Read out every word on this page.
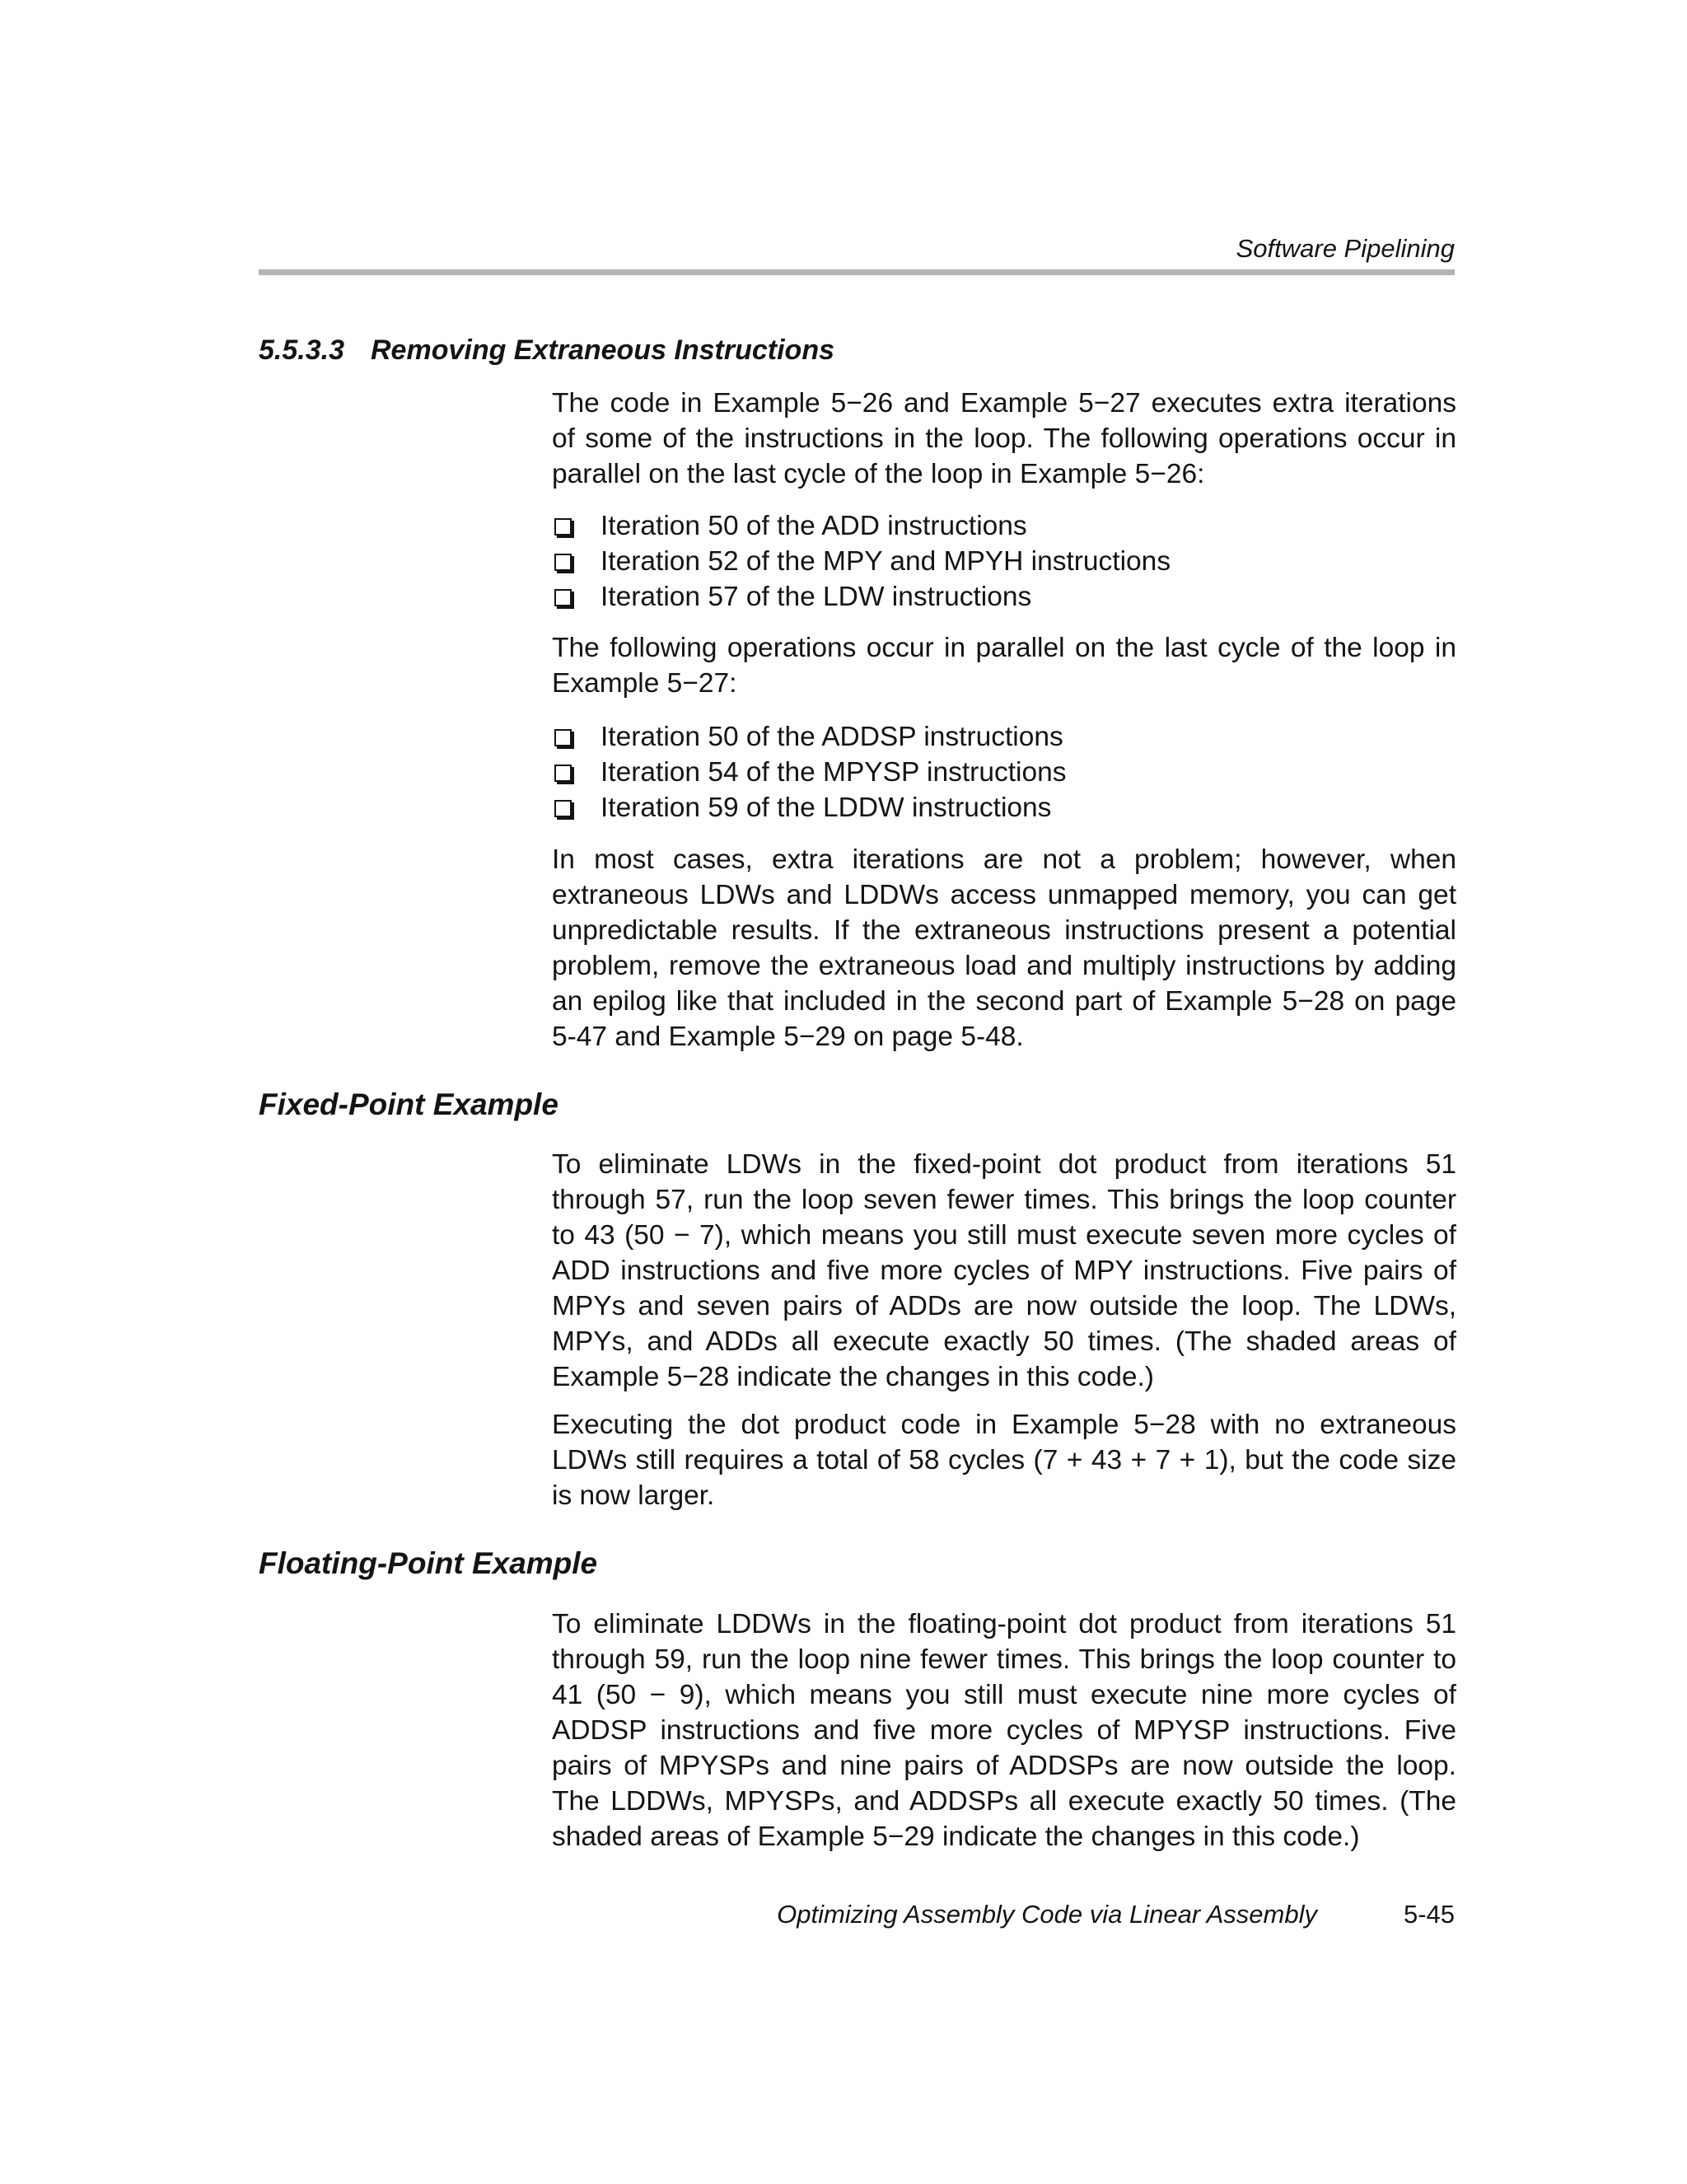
Software Pipelining
5.5.3.3 Removing Extraneous Instructions

The code in Example 5−26 and Example 5−27 executes extra iterations of some of the instructions in the loop. The following operations occur in parallel on the last cycle of the loop in Example 5−26:

Iteration 50 of the ADD instructions
Iteration 52 of the MPY and MPYH instructions
Iteration 57 of the LDW instructions

The following operations occur in parallel on the last cycle of the loop in Example 5−27:

Iteration 50 of the ADDSP instructions
Iteration 54 of the MPYSP instructions
Iteration 59 of the LDDW instructions

In most cases, extra iterations are not a problem; however, when extraneous LDWs and LDDWs access unmapped memory, you can get unpredictable results. If the extraneous instructions present a potential problem, remove the extraneous load and multiply instructions by adding an epilog like that included in the second part of Example 5−28 on page 5-47 and Example 5−29 on page 5-48.

Fixed-Point Example

To eliminate LDWs in the fixed-point dot product from iterations 51 through 57, run the loop seven fewer times. This brings the loop counter to 43 (50 − 7), which means you still must execute seven more cycles of ADD instructions and five more cycles of MPY instructions. Five pairs of MPYs and seven pairs of ADDs are now outside the loop. The LDWs, MPYs, and ADDs all execute exactly 50 times. (The shaded areas of Example 5−28 indicate the changes in this code.)

Executing the dot product code in Example 5−28 with no extraneous LDWs still requires a total of 58 cycles (7 + 43 + 7 + 1), but the code size is now larger.

Floating-Point Example

To eliminate LDDWs in the floating-point dot product from iterations 51 through 59, run the loop nine fewer times. This brings the loop counter to 41 (50 − 9), which means you still must execute nine more cycles of ADDSP instructions and five more cycles of MPYSP instructions. Five pairs of MPYSPs and nine pairs of ADDSPs are now outside the loop. The LDDWs, MPYSPs, and ADDSPs all execute exactly 50 times. (The shaded areas of Example 5−29 indicate the changes in this code.)

Optimizing Assembly Code via Linear Assembly	5-45
